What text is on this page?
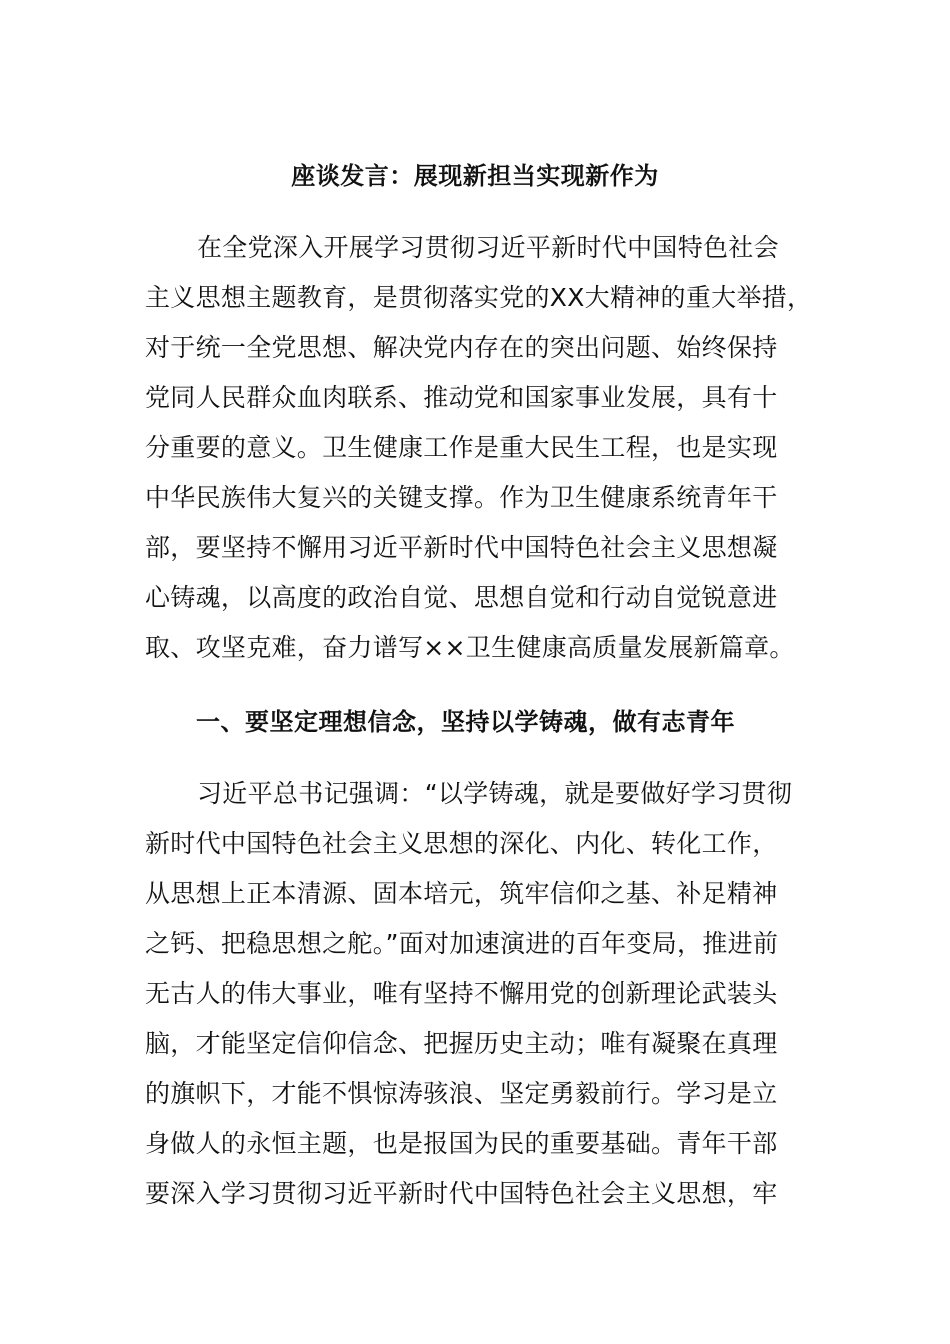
座谈发言：展现新担当实现新作为
在全党深入开展学习贯彻习近平新时代中国特色社会
主义思想主题教育，是贯彻落实党的XX大精神的重大举措，
对于统一全党思想、解决党内存在的突出问题、始终保持
党同人民群众血肉联系、推动党和国家事业发展，具有十
分重要的意义。卫生健康工作是重大民生工程，也是实现
中华民族伟大复兴的关键支撑。作为卫生健康系统青年干
部，要坚持不懈用习近平新时代中国特色社会主义思想凝
心铸魂，以高度的政治自觉、思想自觉和行动自觉锐意进
取、攻坚克难，奋力谱写××卫生健康高质量发展新篇章。
一、要坚定理想信念，坚持以学铸魂，做有志青年
习近平总书记强调：“以学铸魂，就是要做好学习贯彻
新时代中国特色社会主义思想的深化、内化、转化工作，
从思想上正本清源、固本培元，筑牢信仰之基、补足精神
之钙、把稳思想之舵。”面对加速演进的百年变局，推进前
无古人的伟大事业，唯有坚持不懈用党的创新理论武装头
脑，才能坚定信仰信念、把握历史主动；唯有凝聚在真理
的旗帜下，才能不惧惊涛骇浪、坚定勇毅前行。学习是立
身做人的永恒主题，也是报国为民的重要基础。青年干部
要深入学习贯彻习近平新时代中国特色社会主义思想，牢
